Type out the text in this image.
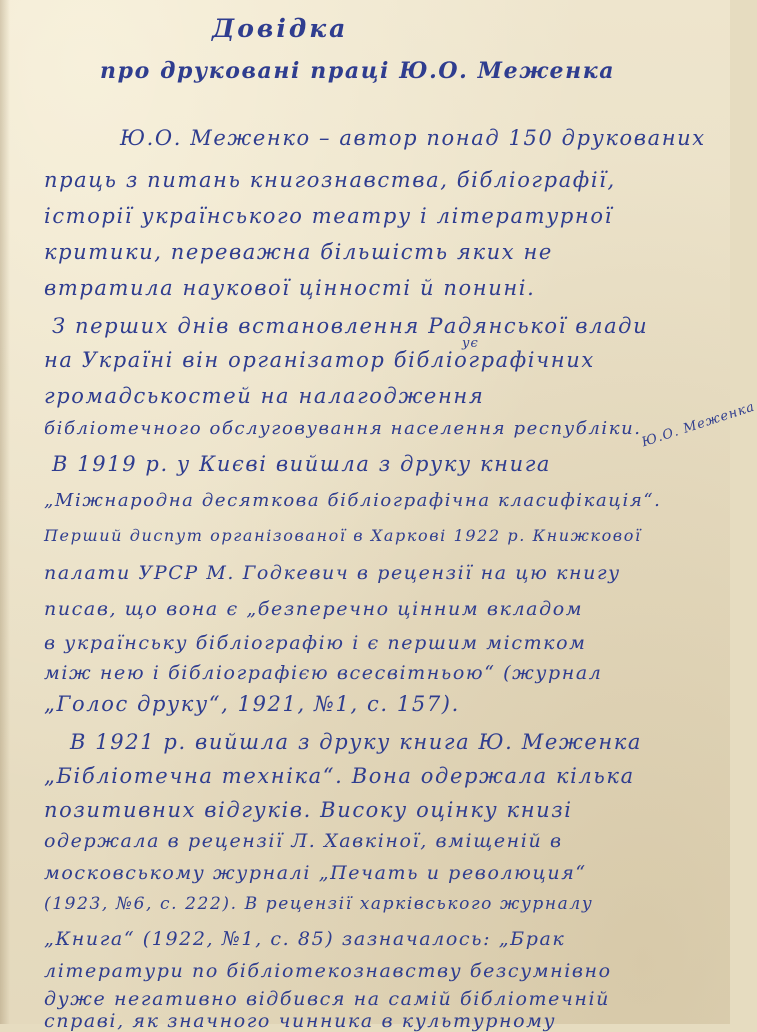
Довідка
про друковані праці Ю.О. Меженка

Ю.О. Меженко – автор понад 150 друкованих

праць з питань книгознавства, бібліографії,

історії українського театру і літературної

критики, переважна більшість яких не

втратила наукової цінності й понині.

З перших днів встановлення Радянської влади

ує

на Україні він організатор бібліографічних

громадськостей на налагодження

бібліотечного обслуговування населення республіки.

Ю.О. Меженка

В 1919 р. у Києві вийшла з друку книга

„Міжнародна десяткова бібліографічна класифікація“.

Перший диспут організованої в Харкові 1922 р. Книжкової

палати УРСР М. Годкевич в рецензії на цю книгу

писав, що вона є „безперечно цінним вкладом

в українську бібліографію і є першим містком

між нею і бібліографією всесвітньою“ (журнал

„Голос друку“, 1921, №1, с. 157).

В 1921 р. вийшла з друку книга Ю. Меженка

„Бібліотечна техніка“. Вона одержала кілька

позитивних відгуків. Високу оцінку книзі

одержала в рецензії Л. Хавкіної, вміщеній в

московському журналі „Печать и революция“

(1923, №6, с. 222). В рецензії харківського журналу

„Книга“ (1922, №1, с. 85) зазначалось: „Брак

літератури по бібліотекознавству безсумнівно

дуже негативно відбився на самій бібліотечній

справі, як значного чинника в культурному
